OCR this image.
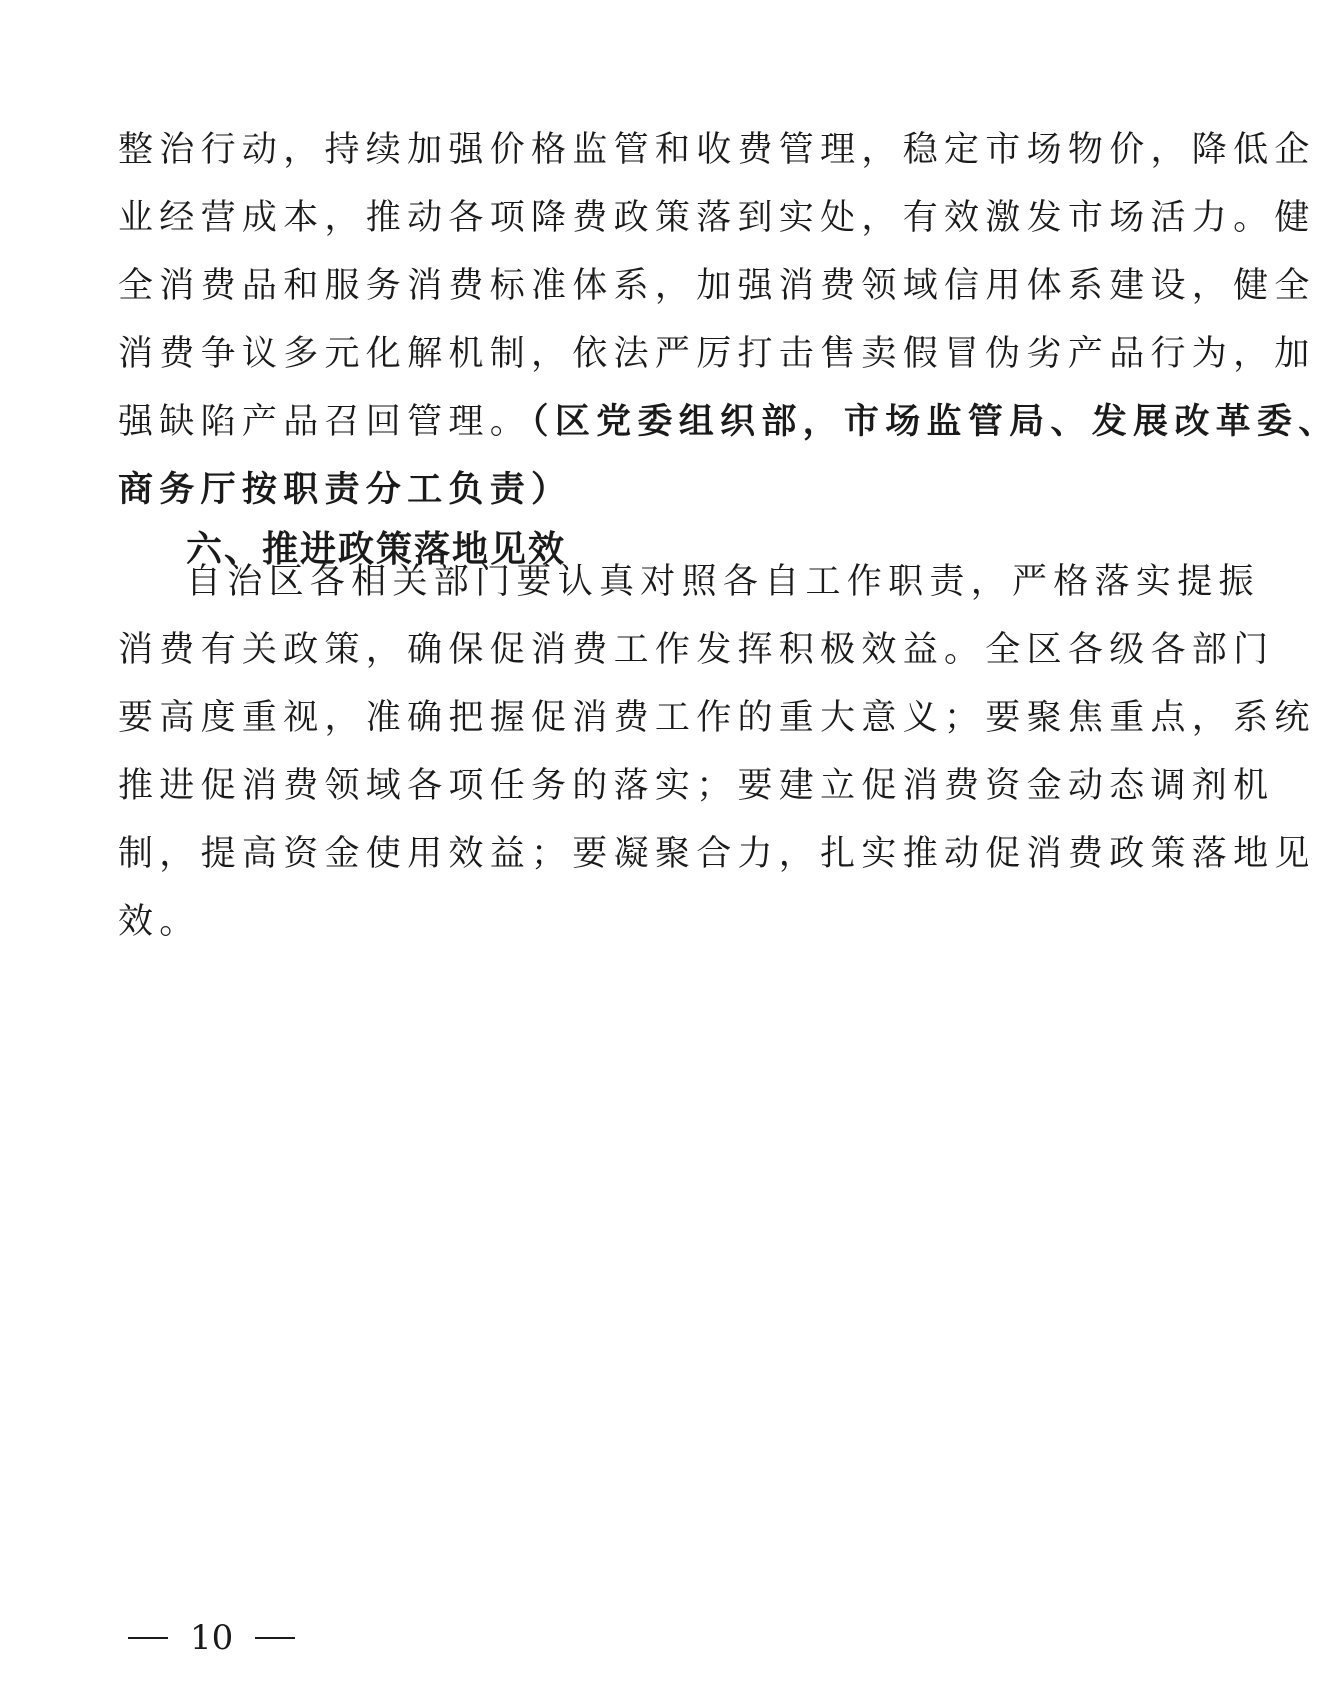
整治行动，持续加强价格监管和收费管理，稳定市场物价，降低企
业经营成本，推动各项降费政策落到实处，有效激发市场活力。健
全消费品和服务消费标准体系，加强消费领域信用体系建设，健全
消费争议多元化解机制，依法严厉打击售卖假冒伪劣产品行为，加
强缺陷产品召回管理。（区党委组织部，市场监管局、发展改革委、
商务厅按职责分工负责）
六、推进政策落地见效
自治区各相关部门要认真对照各自工作职责，严格落实提振
消费有关政策，确保促消费工作发挥积极效益。全区各级各部门
要高度重视，准确把握促消费工作的重大意义；要聚焦重点，系统
推进促消费领域各项任务的落实；要建立促消费资金动态调剂机
制，提高资金使用效益；要凝聚合力，扎实推动促消费政策落地见
效。
10
